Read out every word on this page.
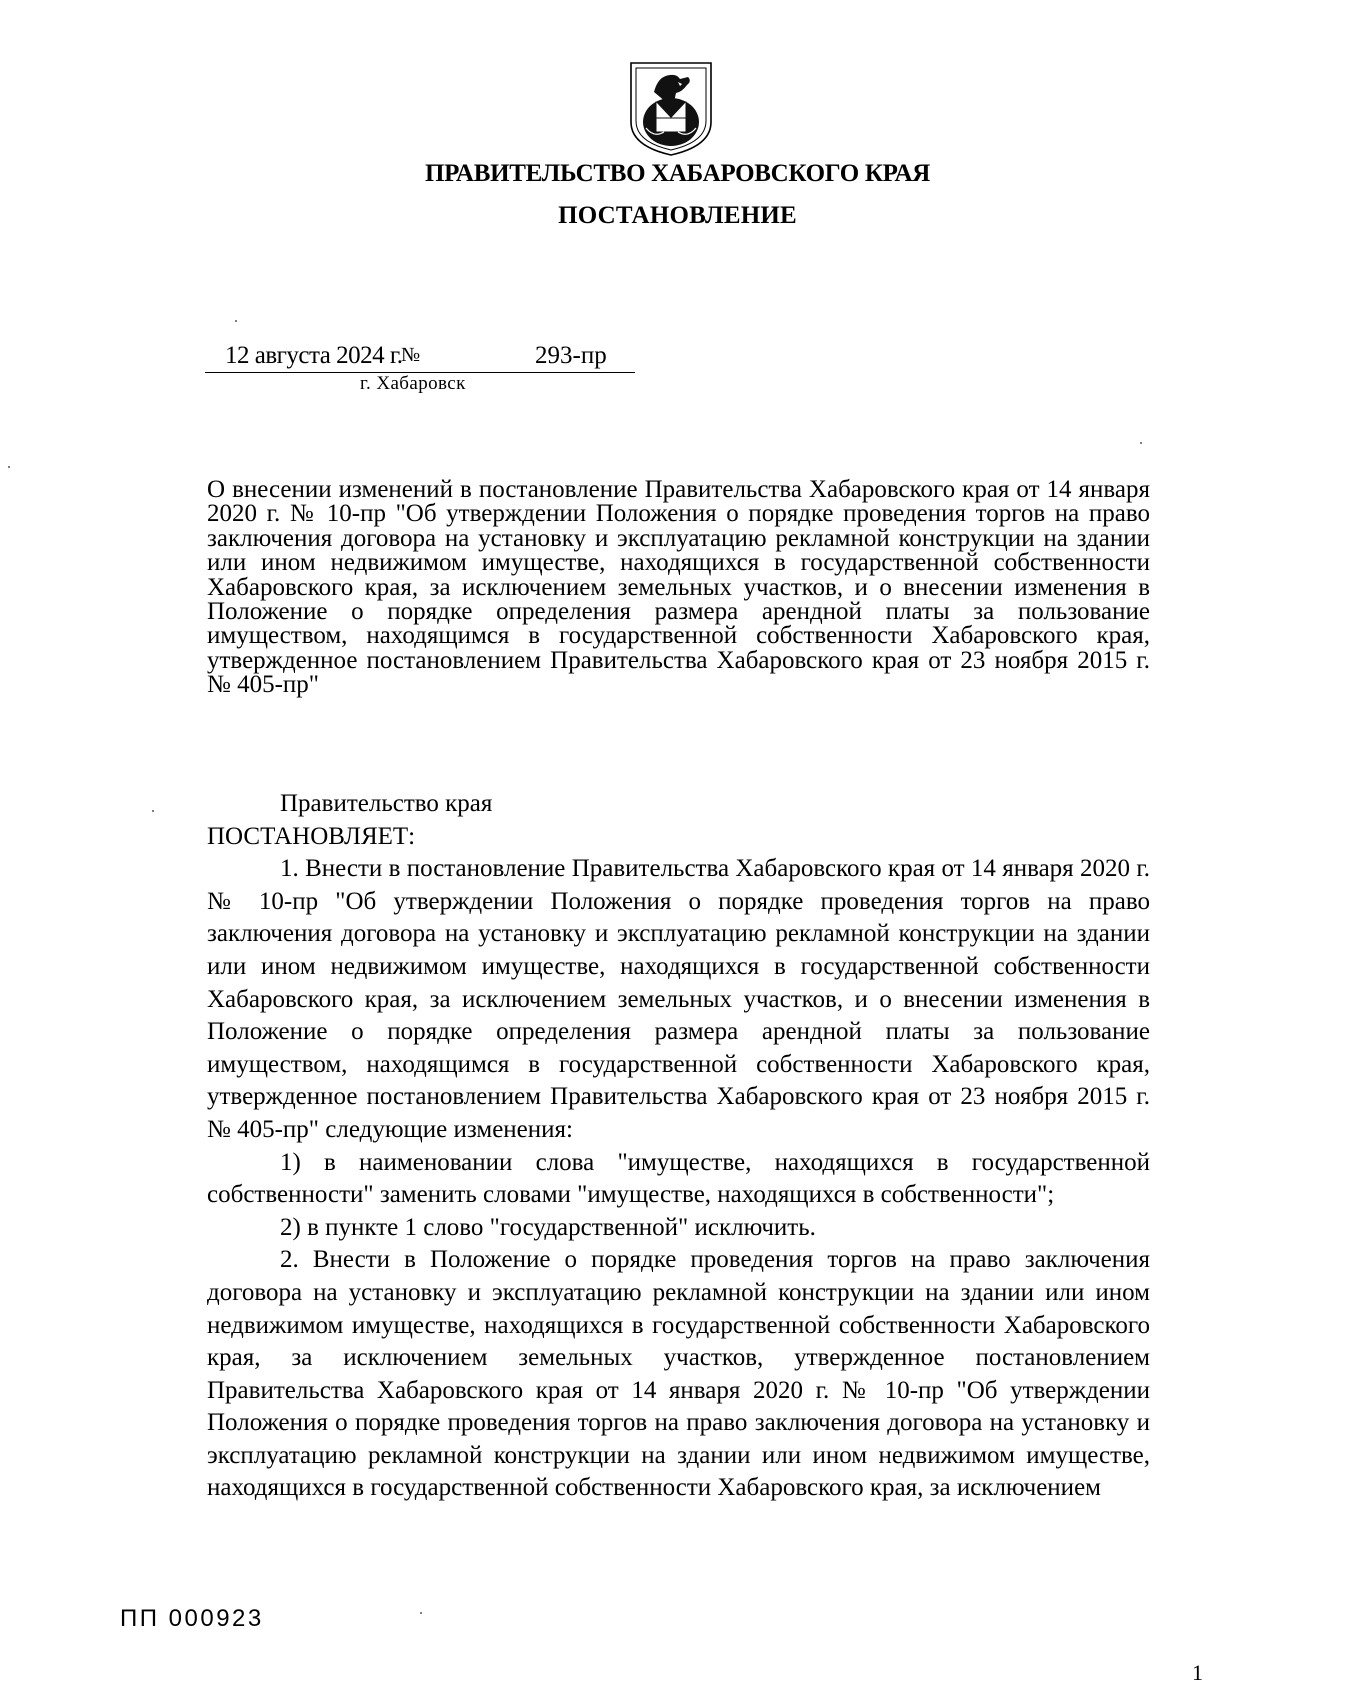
ПРАВИТЕЛЬСТВО ХАБАРОВСКОГО КРАЯ
ПОСТАНОВЛЕНИЕ
12 августа 2024 г.
№	293-пр
г. Хабаровск
О внесении изменений в постановление Правительства Хабаровского края от 14 января 2020 г. № 10-пр "Об утверждении Положения о порядке проведения торгов на право заключения договора на установку и эксплуатацию рекламной конструкции на здании или ином недвижимом имуществе, находящихся в государственной собственности Хабаровского края, за исключением земельных участков, и о внесении изменения в Положение о порядке определения размера арендной платы за пользование имуществом, находящимся в государственной собственности Хабаровского края, утвержденное постановлением Правительства Хабаровского края от 23 ноября 2015 г. № 405-пр"

Правительство края

ПОСТАНОВЛЯЕТ:

1. Внести в постановление Правительства Хабаровского края от 14 января 2020 г. № 10-пр "Об утверждении Положения о порядке проведения торгов на право заключения договора на установку и эксплуатацию рекламной конструкции на здании или ином недвижимом имуществе, находящихся в государственной собственности Хабаровского края, за исключением земельных участков, и о внесении изменения в Положение о порядке определения размера арендной платы за пользование имуществом, находящимся в государственной собственности Хабаровского края, утвержденное постановлением Правительства Хабаровского края от 23 ноября 2015 г. № 405-пр" следующие изменения:

1) в наименовании слова "имуществе, находящихся в государственной собственности" заменить словами "имуществе, находящихся в собственности";

2) в пункте 1 слово "государственной" исключить.

2. Внести в Положение о порядке проведения торгов на право заключения договора на установку и эксплуатацию рекламной конструкции на здании или ином недвижимом имуществе, находящихся в государственной собственности Хабаровского края, за исключением земельных участков, утвержденное постановлением Правительства Хабаровского края от 14 января 2020 г. № 10-пр "Об утверждении Положения о порядке проведения торгов на право заключения договора на установку и эксплуатацию рекламной конструкции на здании или ином недвижимом имуществе, находящихся в государственной собственности Хабаровского края, за исключением

ПП 000923
1
